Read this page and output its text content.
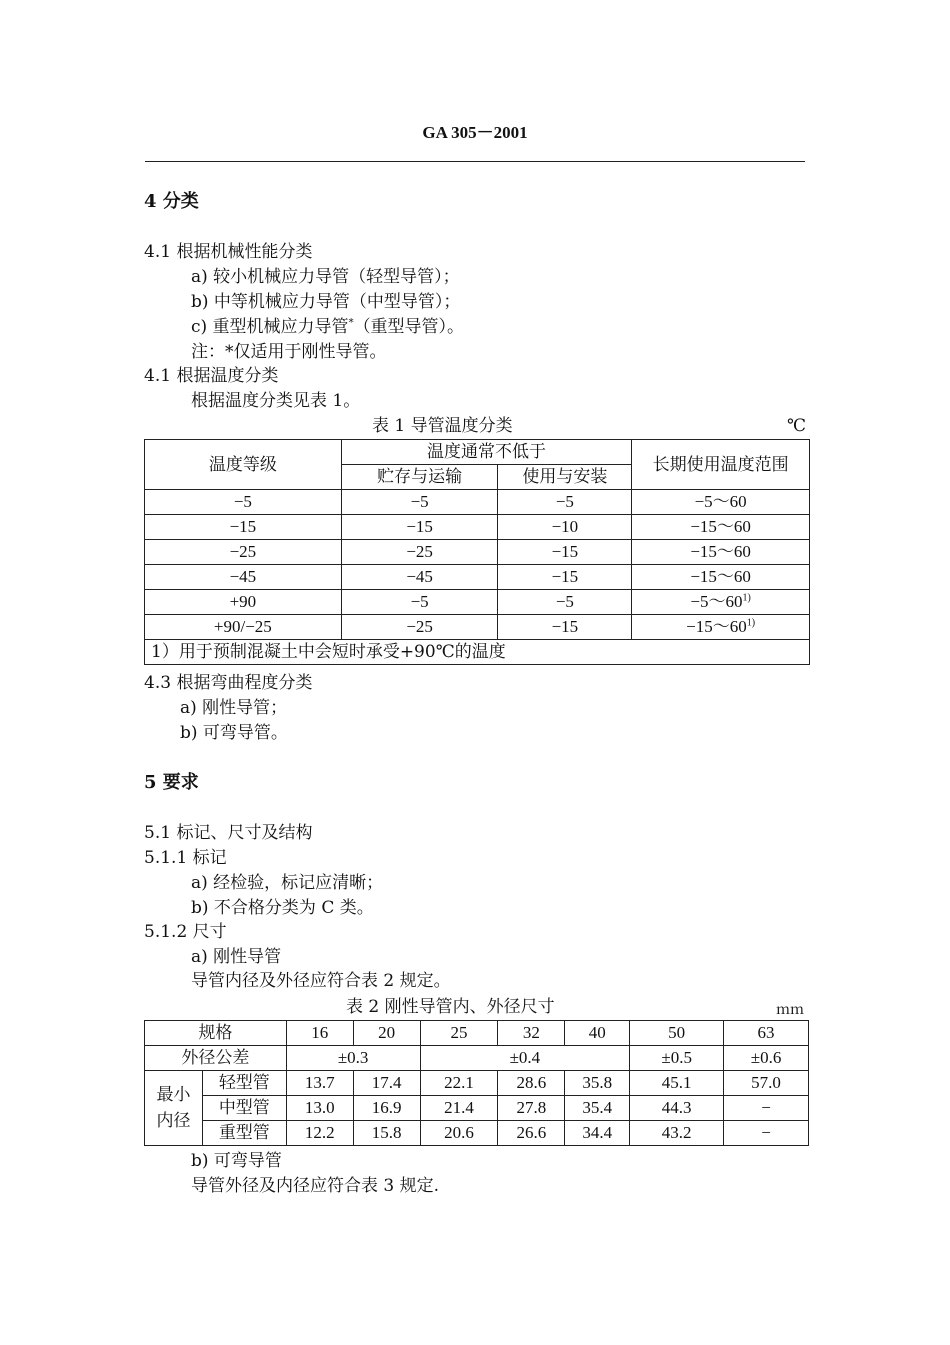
GA 305－2001
4 分类
4.1 根据机械性能分类
a) 较小机械应力导管（轻型导管）；
b) 中等机械应力导管（中型导管）；
c) 重型机械应力导管*（重型导管）。
注：*仅适用于刚性导管。
4.1 根据温度分类
根据温度分类见表 1。
表 1 导管温度分类	℃
温度等级	温度通常不低于		长期使用温度范围
	贮存与运输	使用与安装	
−5	−5	−5	−5～60
−15	−15	−10	−15～60
−25	−25	−15	−15～60
−45	−45	−15	−15～60
+90	−5	−5	$-5\sim 60^{1)}$
+90/−25	−25	−15	$-15\sim 60^{1)}$
1）用于预制混凝土中会短时承受+90℃的温度			
4.3 根据弯曲程度分类
a) 刚性导管；
b) 可弯导管。
5 要求
5.1 标记、尺寸及结构
5.1.1 标记
a) 经检验，标记应清晰；
b) 不合格分类为 C 类。
5.1.2 尺寸
a) 刚性导管
导管内径及外径应符合表 2 规定。
表 2 刚性导管内、外径尺寸	ｍｍ
规格		16	20	25	32	40	50	63
外径公差		±0.3		±0.4			±0.5	±0.6
最小内径	轻型管	13.7	17.4	22.1	28.6	35.8	45.1	57.0
	中型管	13.0	16.9	21.4	27.8	35.4	44.3	−
	重型管	12.2	15.8	20.6	26.6	34.4	43.2	−
b) 可弯导管
导管外径及内径应符合表 3 规定.
